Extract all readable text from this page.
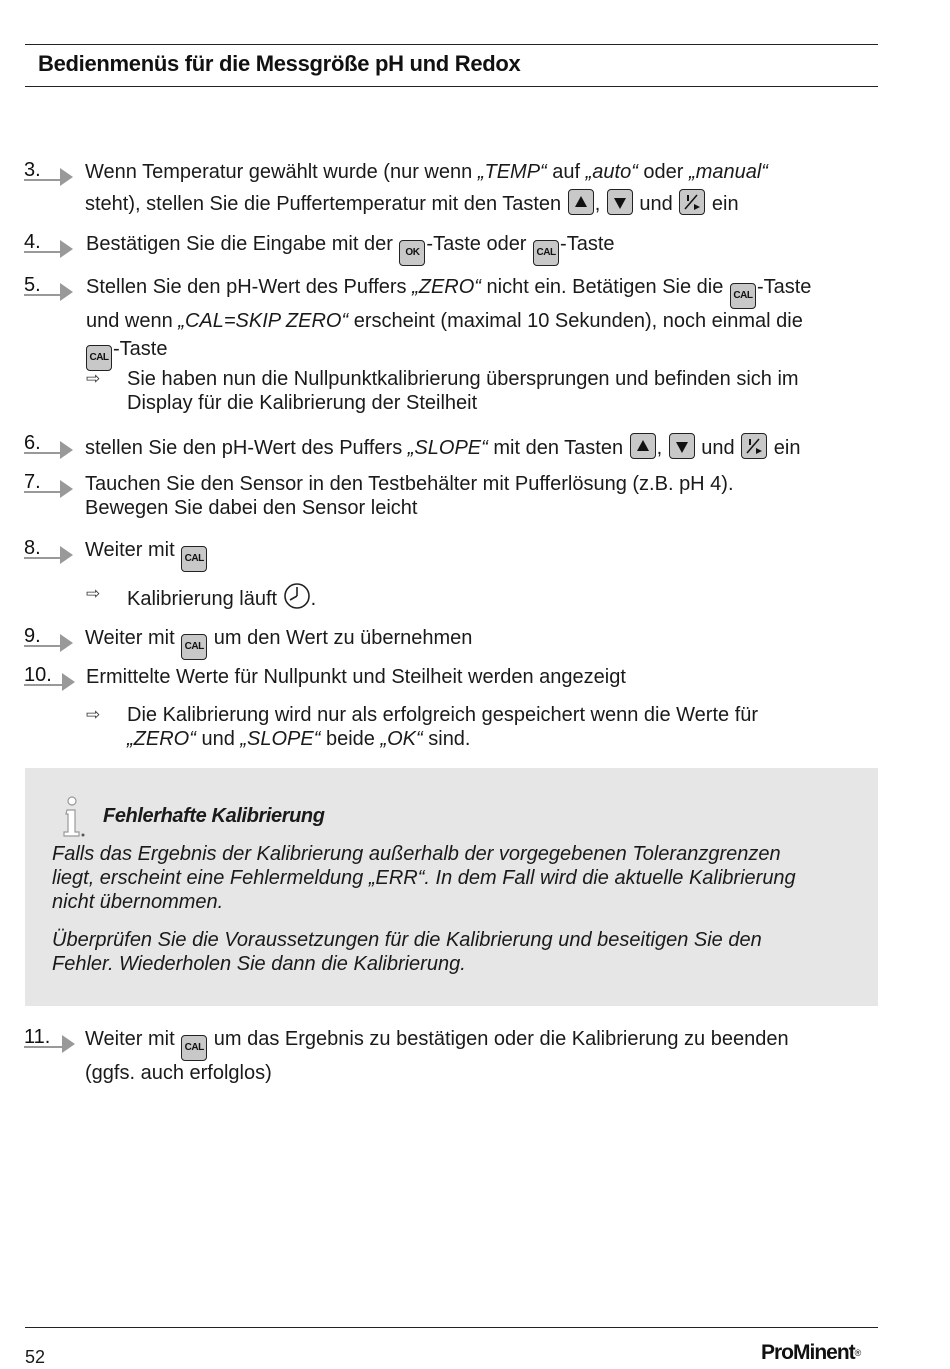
Bedienmenüs für die Messgröße pH und Redox
3. Wenn Temperatur gewählt wurde (nur wenn „TEMP“ auf „auto“ oder „manual“
steht), stellen Sie die Puffertemperatur mit den Tasten
,
und
ein
4. Bestätigen Sie die Eingabe mit der OK -Taste oder CAL -Taste
5. Stellen Sie den pH-Wert des Puffers „ZERO“ nicht ein. Betätigen Sie die CAL -Taste
und wenn „CAL=SKIP ZERO“ erscheint (maximal 10 Sekunden), noch einmal die
CAL -Taste
⇨ Sie haben nun die Nullpunktkalibrierung übersprungen und befinden sich im
Display für die Kalibrierung der Steilheit
6. stellen Sie den pH-Wert des Puffers „SLOPE“ mit den Tasten
,
und
ein
7. Tauchen Sie den Sensor in den Testbehälter mit Pufferlösung (z.B. pH 4).
Bewegen Sie dabei den Sensor leicht
8. Weiter mit CAL
⇨ Kalibrierung läuft .
9. Weiter mit CAL um den Wert zu übernehmen
10. Ermittelte Werte für Nullpunkt und Steilheit werden angezeigt
⇨ Die Kalibrierung wird nur als erfolgreich gespeichert wenn die Werte für
„ZERO“ und „SLOPE“ beide „OK“ sind.
Fehlerhafte Kalibrierung
Falls das Ergebnis der Kalibrierung außerhalb der vorgegebenen Toleranzgrenzen
liegt, erscheint eine Fehlermeldung „ERR“. In dem Fall wird die aktuelle Kalibrierung
nicht übernommen.
Überprüfen Sie die Voraussetzungen für die Kalibrierung und beseitigen Sie den
Fehler. Wiederholen Sie dann die Kalibrierung.
11. Weiter mit CAL um das Ergebnis zu bestätigen oder die Kalibrierung zu beenden
(ggfs. auch erfolglos)
52	ProMinent®
